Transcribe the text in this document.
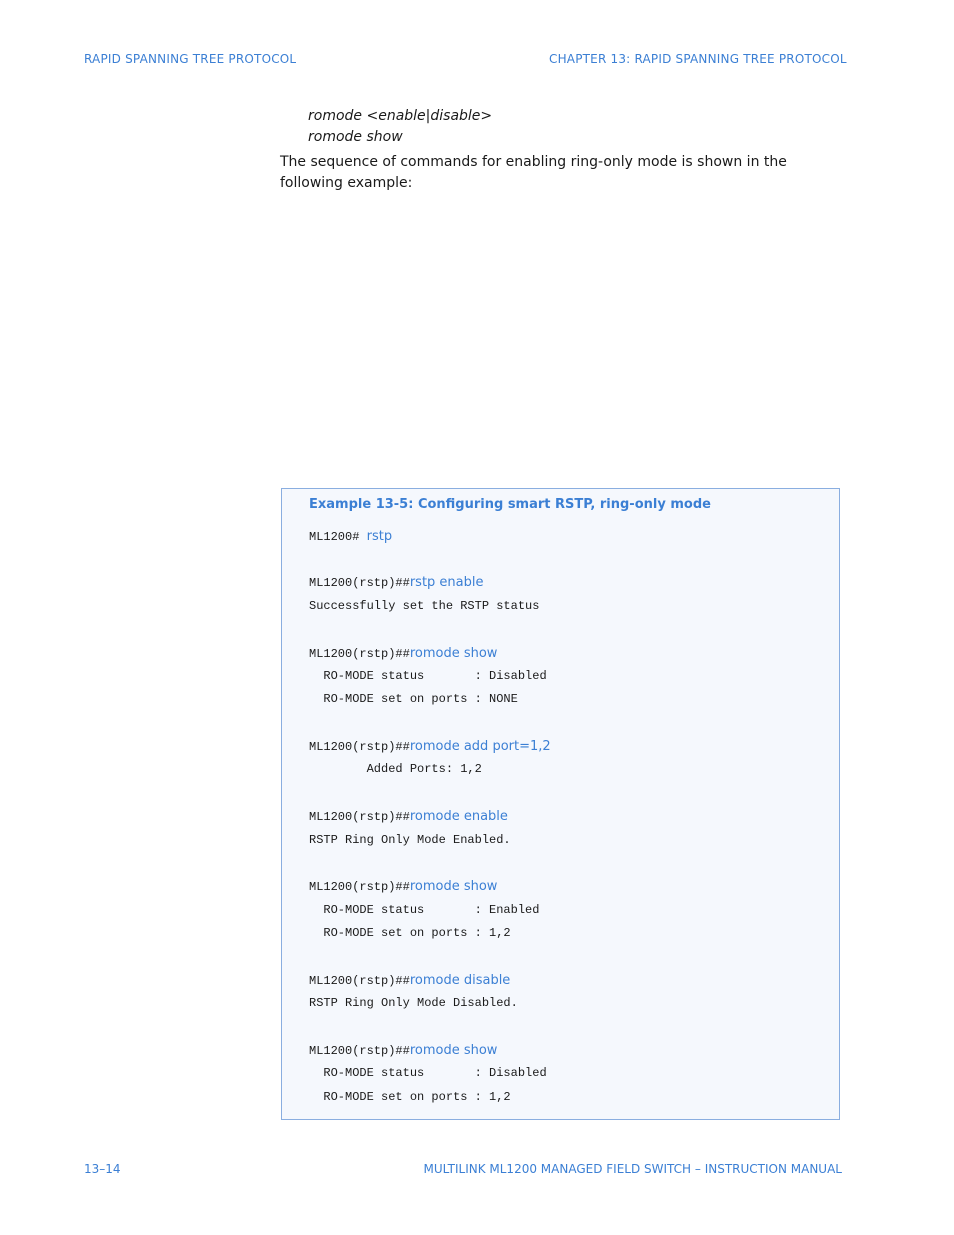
RAPID SPANNING TREE PROTOCOL	CHAPTER 13: RAPID SPANNING TREE PROTOCOL
romode <enable|disable>
romode show
The sequence of commands for enabling ring-only mode is shown in the following example:
Example 13-5: Configuring smart RSTP, ring-only mode
ML1200# rstp
ML1200(rstp)##rstp enable
Successfully set the RSTP status
ML1200(rstp)##romode show
RO-MODE status       : Disabled
RO-MODE set on ports : NONE
ML1200(rstp)##romode add port=1,2
Added Ports: 1,2
ML1200(rstp)##romode enable
RSTP Ring Only Mode Enabled.
ML1200(rstp)##romode show
RO-MODE status       : Enabled
RO-MODE set on ports : 1,2
ML1200(rstp)##romode disable
RSTP Ring Only Mode Disabled.
ML1200(rstp)##romode show
RO-MODE status       : Disabled
RO-MODE set on ports : 1,2
13–14	MULTILINK ML1200 MANAGED FIELD SWITCH – INSTRUCTION MANUAL
